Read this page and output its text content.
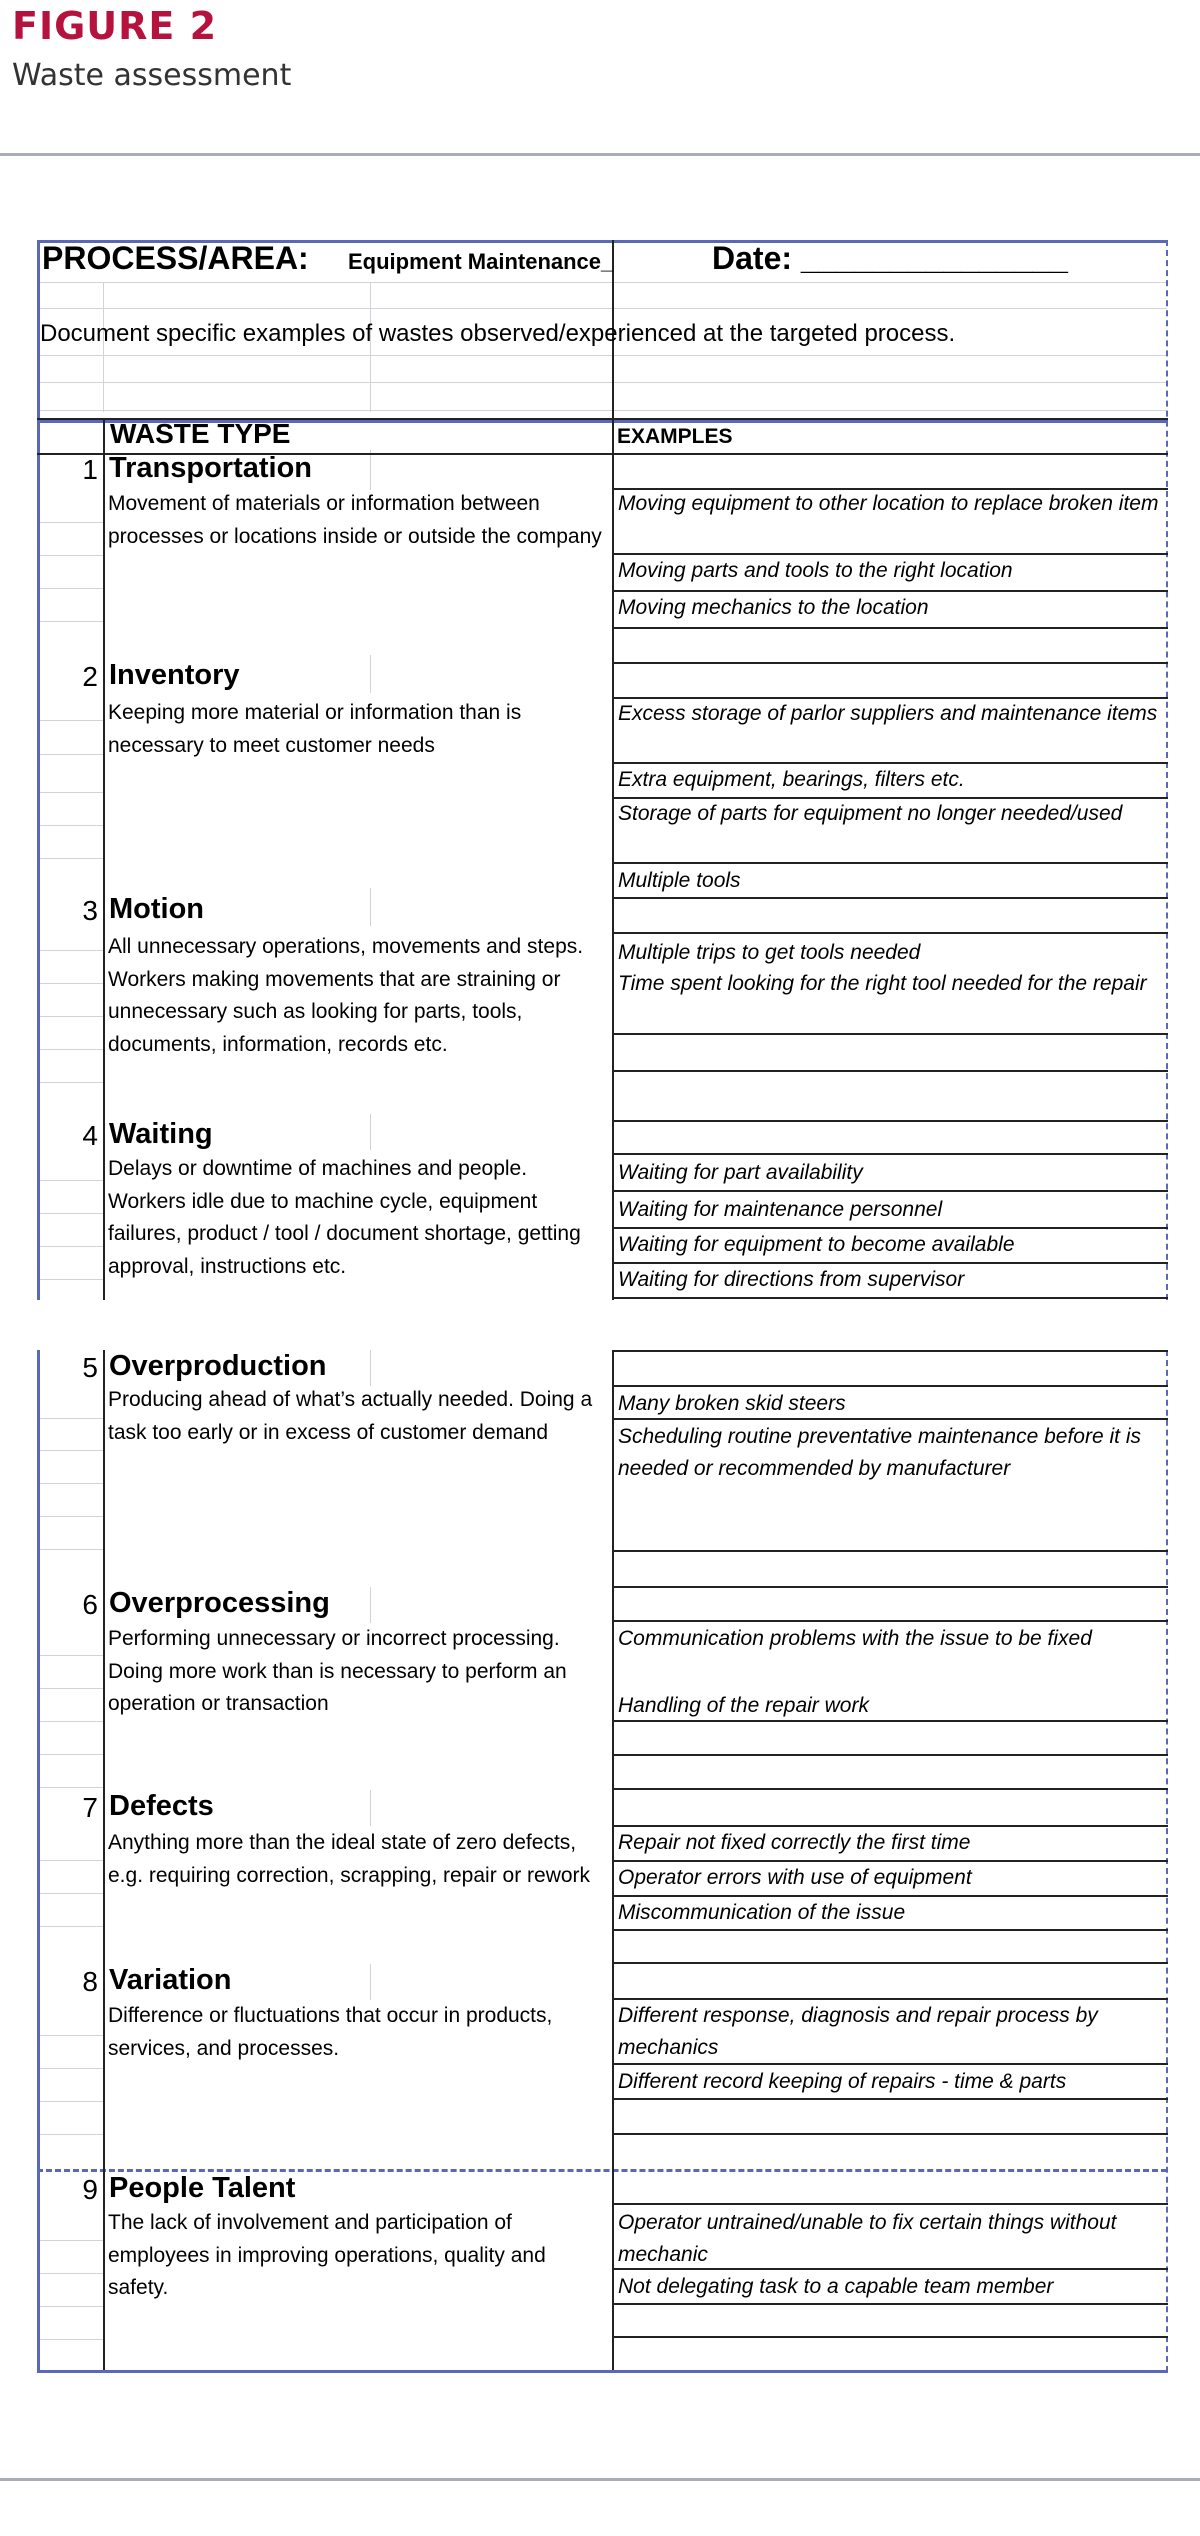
FIGURE 2
Waste assessment
PROCESS/AREA: Equipment Maintenance_	Date: _______________
Document specific examples of wastes observed/experienced at the targeted process.
WASTE TYPE	EXAMPLES
1 Transportation
Movement of materials or information between processes or locations inside or outside the company
Moving equipment to other location to replace broken item
Moving parts and tools to the right location
Moving mechanics to the location
2 Inventory
Keeping more material or information than is necessary to meet customer needs
Excess storage of parlor suppliers and maintenance items
Extra equipment, bearings, filters etc.
Storage of parts for equipment no longer needed/used
Multiple tools
3 Motion
All unnecessary operations, movements and steps. Workers making movements that are straining or unnecessary such as looking for parts, tools, documents, information, records etc.
Multiple trips to get tools needed
Time spent looking for the right tool needed for the repair
4 Waiting
Delays or downtime of machines and people. Workers idle due to machine cycle, equipment failures, product / tool / document shortage, getting approval, instructions etc.
Waiting for part availability
Waiting for maintenance personnel
Waiting for equipment to become available
Waiting for directions from supervisor
5 Overproduction
Producing ahead of what’s actually needed. Doing a task too early or in excess of customer demand
Many broken skid steers
Scheduling routine preventative maintenance before it is needed or recommended by manufacturer
6 Overprocessing
Performing unnecessary or incorrect processing. Doing more work than is necessary to perform an operation or transaction
Communication problems with the issue to be fixed
Handling of the repair work
7 Defects
Anything more than the ideal state of zero defects, e.g. requiring correction, scrapping, repair or rework
Repair not fixed correctly the first time
Operator errors with use of equipment
Miscommunication of the issue
8 Variation
Difference or fluctuations that occur in products, services, and processes.
Different response, diagnosis and repair process by mechanics
Different record keeping of repairs - time & parts
9 People Talent
The lack of involvement and participation of employees in improving operations, quality and safety.
Operator untrained/unable to fix certain things without mechanic
Not delegating task to a capable team member
